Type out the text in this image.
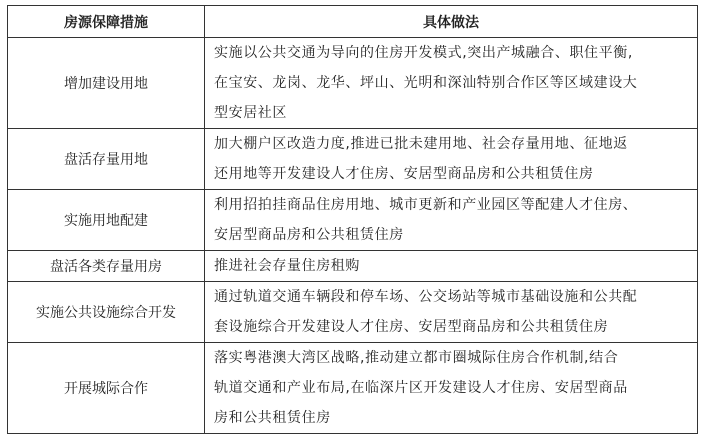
房源保障措施	具体做法
增加建设用地	实施以公共交通为导向的住房开发模式,突出产城融合、职住平衡,
在宝安、龙岗、龙华、坪山、光明和深汕特别合作区等区域建设大
型安居社区

盘活存量用地	加大棚户区改造力度,推进已批未建用地、社会存量用地、征地返
还用地等开发建设人才住房、安居型商品房和公共租赁住房

实施用地配建	利用招拍挂商品住房用地、城市更新和产业园区等配建人才住房、
安居型商品房和公共租赁住房

盘活各类存量用房	推进社会存量住房租购

实施公共设施综合开发	通过轨道交通车辆段和停车场、公交场站等城市基础设施和公共配
套设施综合开发建设人才住房、安居型商品房和公共租赁住房

开展城际合作	落实粤港澳大湾区战略,推动建立都市圈城际住房合作机制,结合
轨道交通和产业布局,在临深片区开发建设人才住房、安居型商品
房和公共租赁住房
